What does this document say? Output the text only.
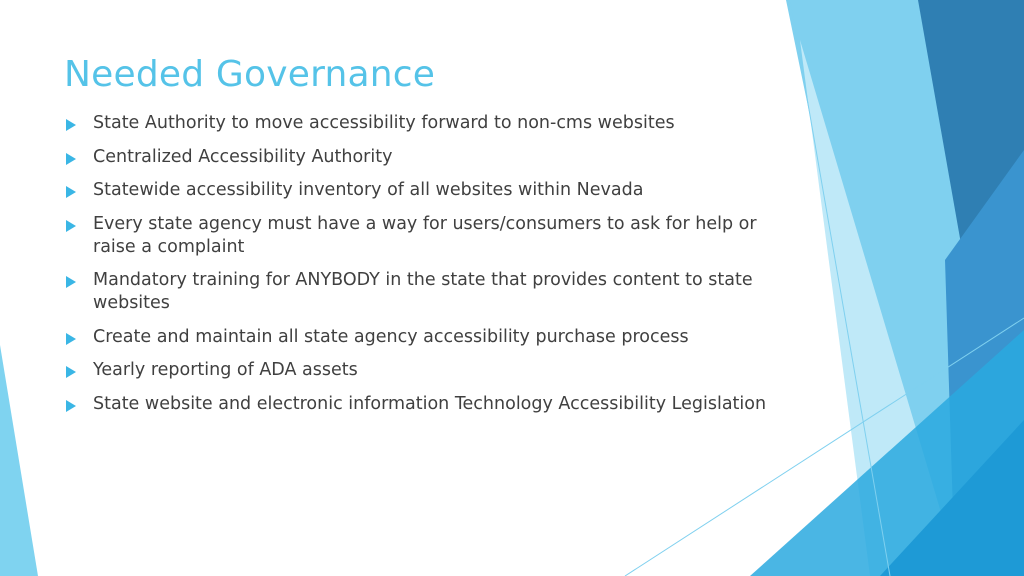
Needed Governance
State Authority to move accessibility forward to non-cms websites
Centralized Accessibility Authority
Statewide accessibility inventory of all websites within Nevada
Every state agency must have a way for users/consumers to ask for help or raise a complaint
Mandatory training for ANYBODY in the state that provides content to state websites
Create and maintain all state agency accessibility purchase process
Yearly reporting of ADA assets
State website and electronic information Technology Accessibility Legislation
